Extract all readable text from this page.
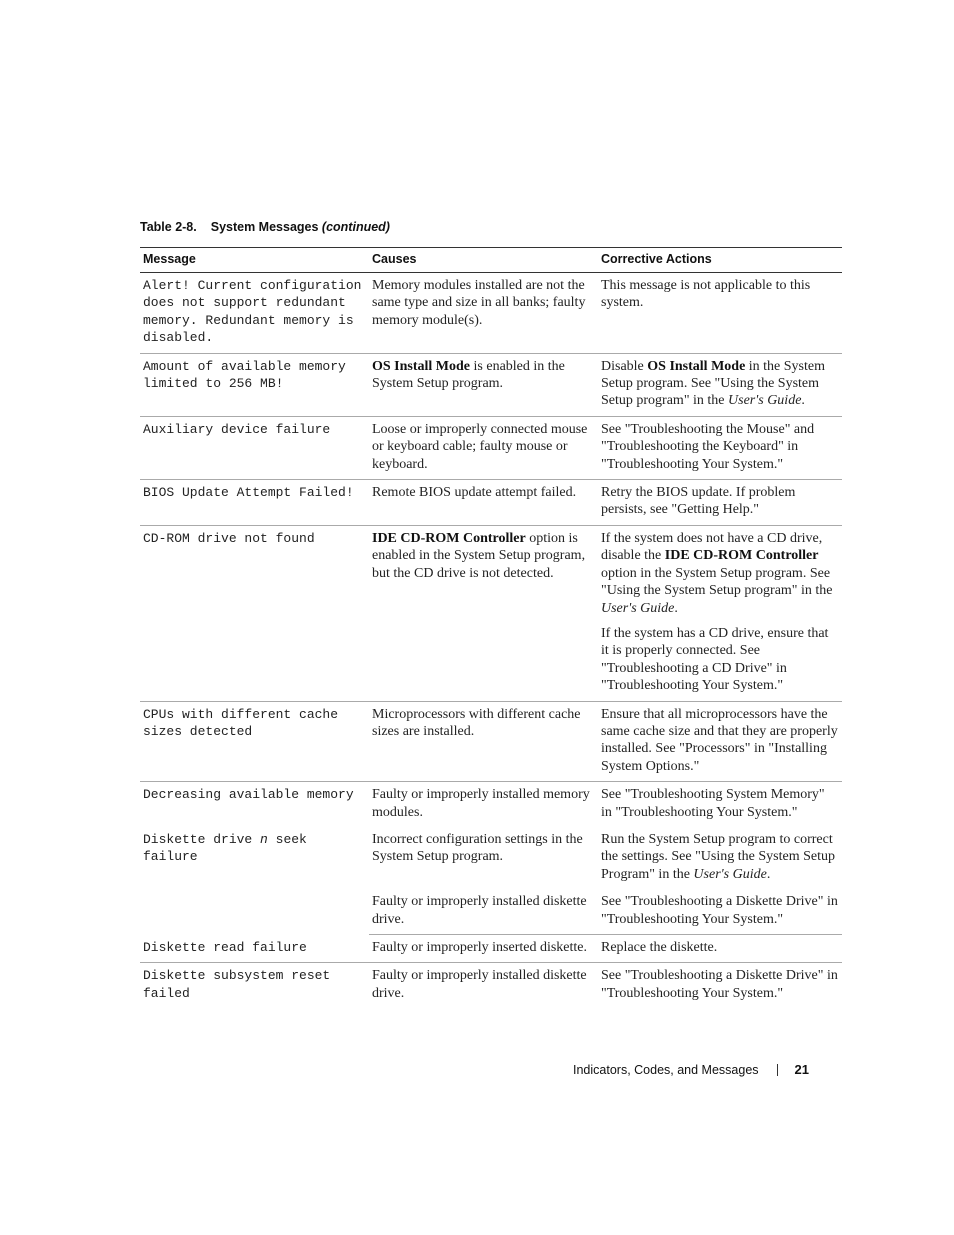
Table 2-8. System Messages (continued)
Message	Causes	Corrective Actions
Alert! Current configuration does not support redundant memory. Redundant memory is disabled.	Memory modules installed are not the same type and size in all banks; faulty memory module(s).	This message is not applicable to this system.
Amount of available memory limited to 256 MB!	OS Install Mode is enabled in the System Setup program.	Disable OS Install Mode in the System Setup program. See "Using the System Setup program" in the User's Guide.
Auxiliary device failure	Loose or improperly connected mouse or keyboard cable; faulty mouse or keyboard.	See "Troubleshooting the Mouse" and "Troubleshooting the Keyboard" in "Troubleshooting Your System."
BIOS Update Attempt Failed!	Remote BIOS update attempt failed.	Retry the BIOS update. If problem persists, see "Getting Help."
CD-ROM drive not found	IDE CD-ROM Controller option is enabled in the System Setup program, but the CD drive is not detected.	If the system does not have a CD drive, disable the IDE CD-ROM Controller option in the System Setup program. See "Using the System Setup program" in the User's Guide.
If the system has a CD drive, ensure that it is properly connected. See "Troubleshooting a CD Drive" in "Troubleshooting Your System."

CPUs with different cache sizes detected	Microprocessors with different cache sizes are installed.	Ensure that all microprocessors have the same cache size and that they are properly installed. See "Processors" in "Installing System Options."
Decreasing available memory	Faulty or improperly installed memory modules.	See "Troubleshooting System Memory" in "Troubleshooting Your System."
Diskette drive n seek failure	Incorrect configuration settings in the System Setup program.	Run the System Setup program to correct the settings. See "Using the System Setup Program" in the User's Guide.
	Faulty or improperly installed diskette drive.	See "Troubleshooting a Diskette Drive" in "Troubleshooting Your System."
Diskette read failure	Faulty or improperly inserted diskette.	Replace the diskette.
Diskette subsystem reset failed	Faulty or improperly installed diskette drive.	See "Troubleshooting a Diskette Drive" in "Troubleshooting Your System."
Indicators, Codes, and Messages	21
